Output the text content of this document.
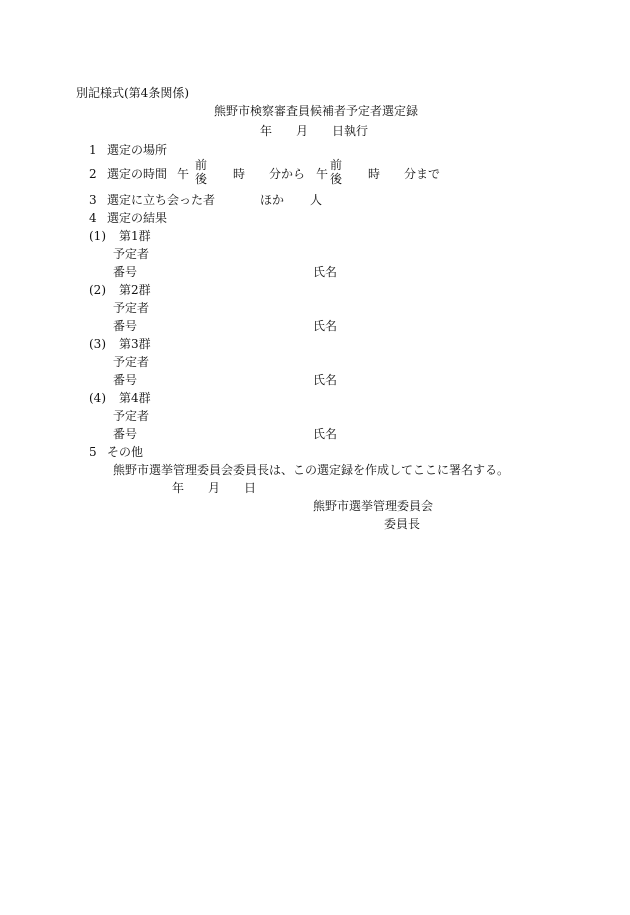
別記様式(第4条関係)
熊野市検察審査員候補者予定者選定録
年 月 日執行
1 選定の場所
2 選定の時間 午
前
後 時 分から 午
前
後 時 分まで
3 選定に立ち会った者	ほか 人
4 選定の結果
(1) 第1群
予定者
番号	氏名
(2) 第2群
予定者
番号	氏名
(3) 第3群
予定者
番号	氏名
(4) 第4群
予定者
番号	氏名
5 その他
熊野市選挙管理委員会委員長は、この選定録を作成してここに署名する。
年 月 日
熊野市選挙管理委員会
委員長
